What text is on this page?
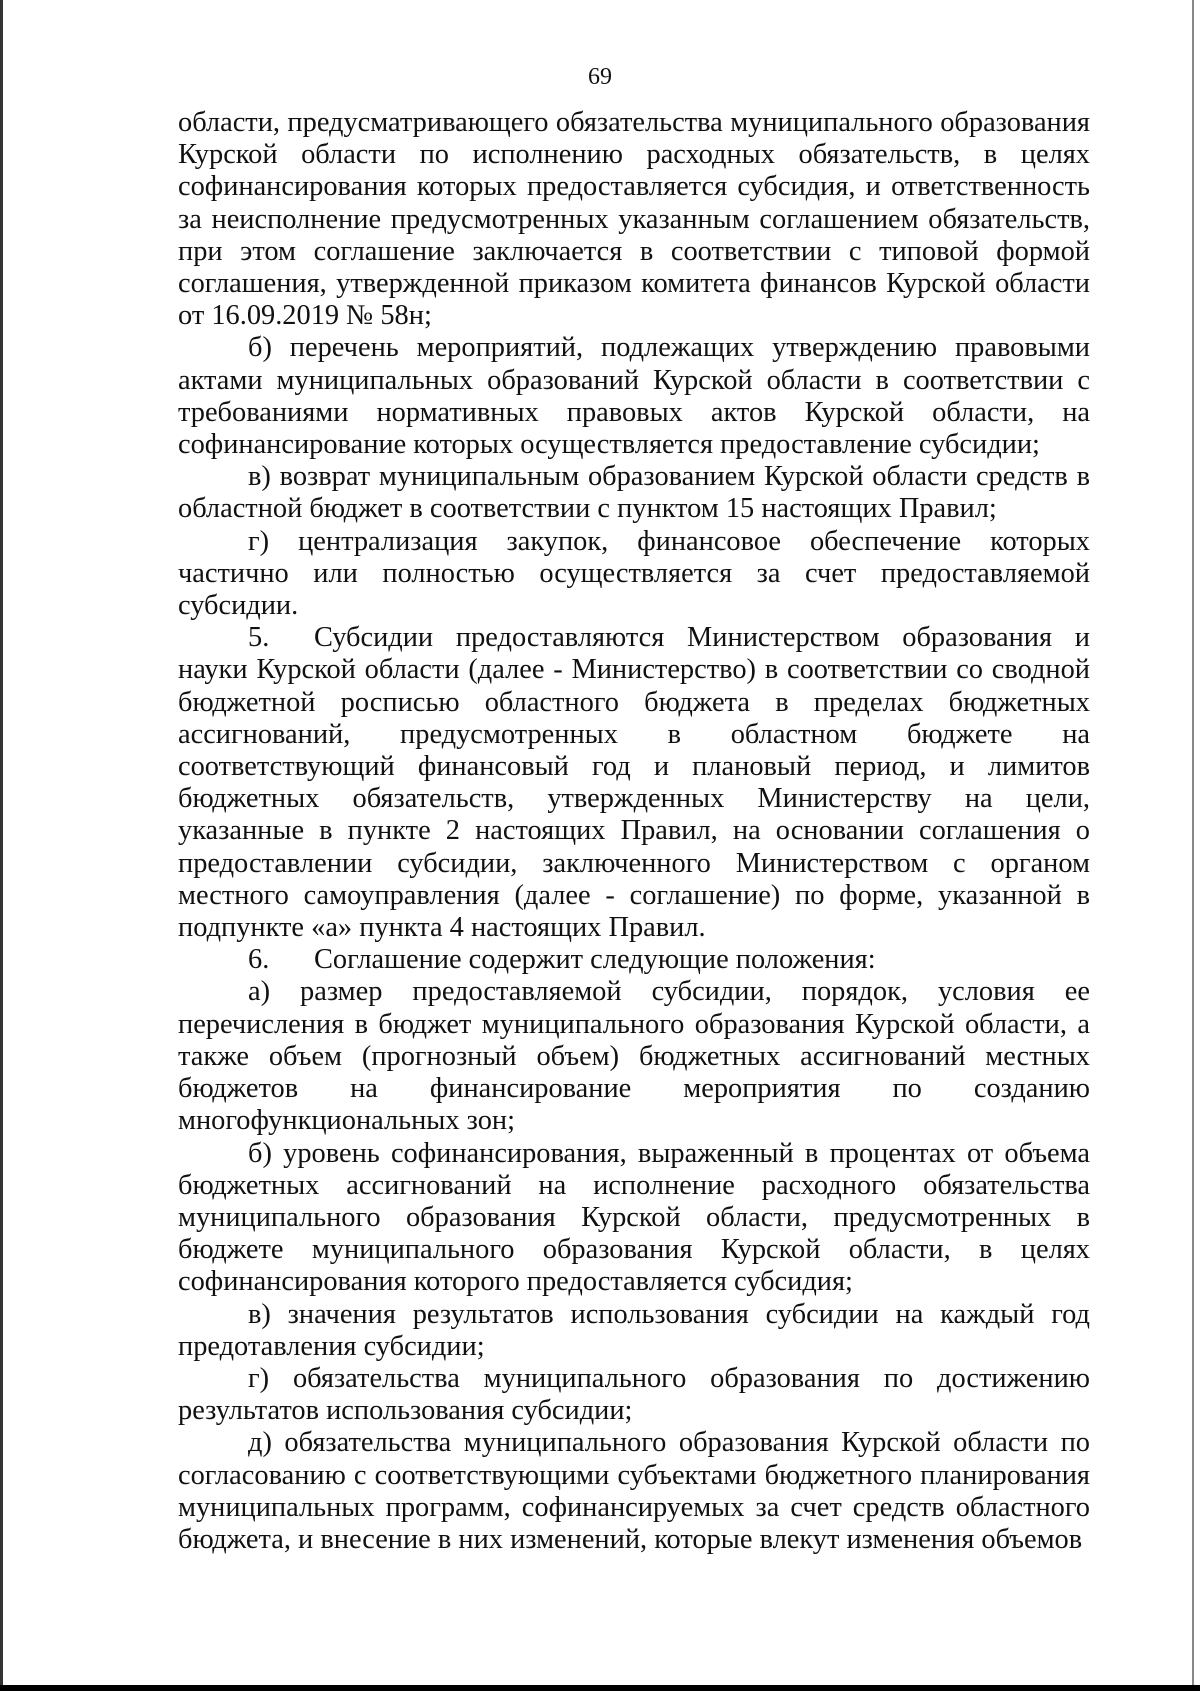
69

области, предусматривающего обязательства муниципального образования Курской области по исполнению расходных обязательств, в целях софинансирования которых предоставляется субсидия, и ответственность за неисполнение предусмотренных указанным соглашением обязательств, при этом соглашение заключается в соответствии с типовой формой соглашения, утвержденной приказом комитета финансов Курской области от 16.09.2019 № 58н;

б) перечень мероприятий, подлежащих утверждению правовыми актами муниципальных образований Курской области в соответствии с требованиями нормативных правовых актов Курской области, на софинансирование которых осуществляется предоставление субсидии;

в) возврат муниципальным образованием Курской области средств в областной бюджет в соответствии с пунктом 15 настоящих Правил;

г) централизация закупок, финансовое обеспечение которых частично или полностью осуществляется за счет предоставляемой субсидии.

5. Субсидии предоставляются Министерством образования и науки Курской области (далее - Министерство) в соответствии со сводной бюджетной росписью областного бюджета в пределах бюджетных ассигнований, предусмотренных в областном бюджете на соответствующий финансовый год и плановый период, и лимитов бюджетных обязательств, утвержденных Министерству на цели, указанные в пункте 2 настоящих Правил, на основании соглашения о предоставлении субсидии, заключенного Министерством с органом местного самоуправления (далее - соглашение) по форме, указанной в подпункте «а» пункта 4 настоящих Правил.

6. Соглашение содержит следующие положения:

а) размер предоставляемой субсидии, порядок, условия ее перечисления в бюджет муниципального образования Курской области, а также объем (прогнозный объем) бюджетных ассигнований местных бюджетов на финансирование мероприятия по созданию многофункциональных зон;

б) уровень софинансирования, выраженный в процентах от объема бюджетных ассигнований на исполнение расходного обязательства муниципального образования Курской области, предусмотренных в бюджете муниципального образования Курской области, в целях софинансирования которого предоставляется субсидия;

в) значения результатов использования субсидии на каждый год предотавления субсидии;

г) обязательства муниципального образования по достижению результатов использования субсидии;

д) обязательства муниципального образования Курской области по согласованию с соответствующими субъектами бюджетного планирования муниципальных программ, софинансируемых за счет средств областного бюджета, и внесение в них изменений, которые влекут изменения объемов
